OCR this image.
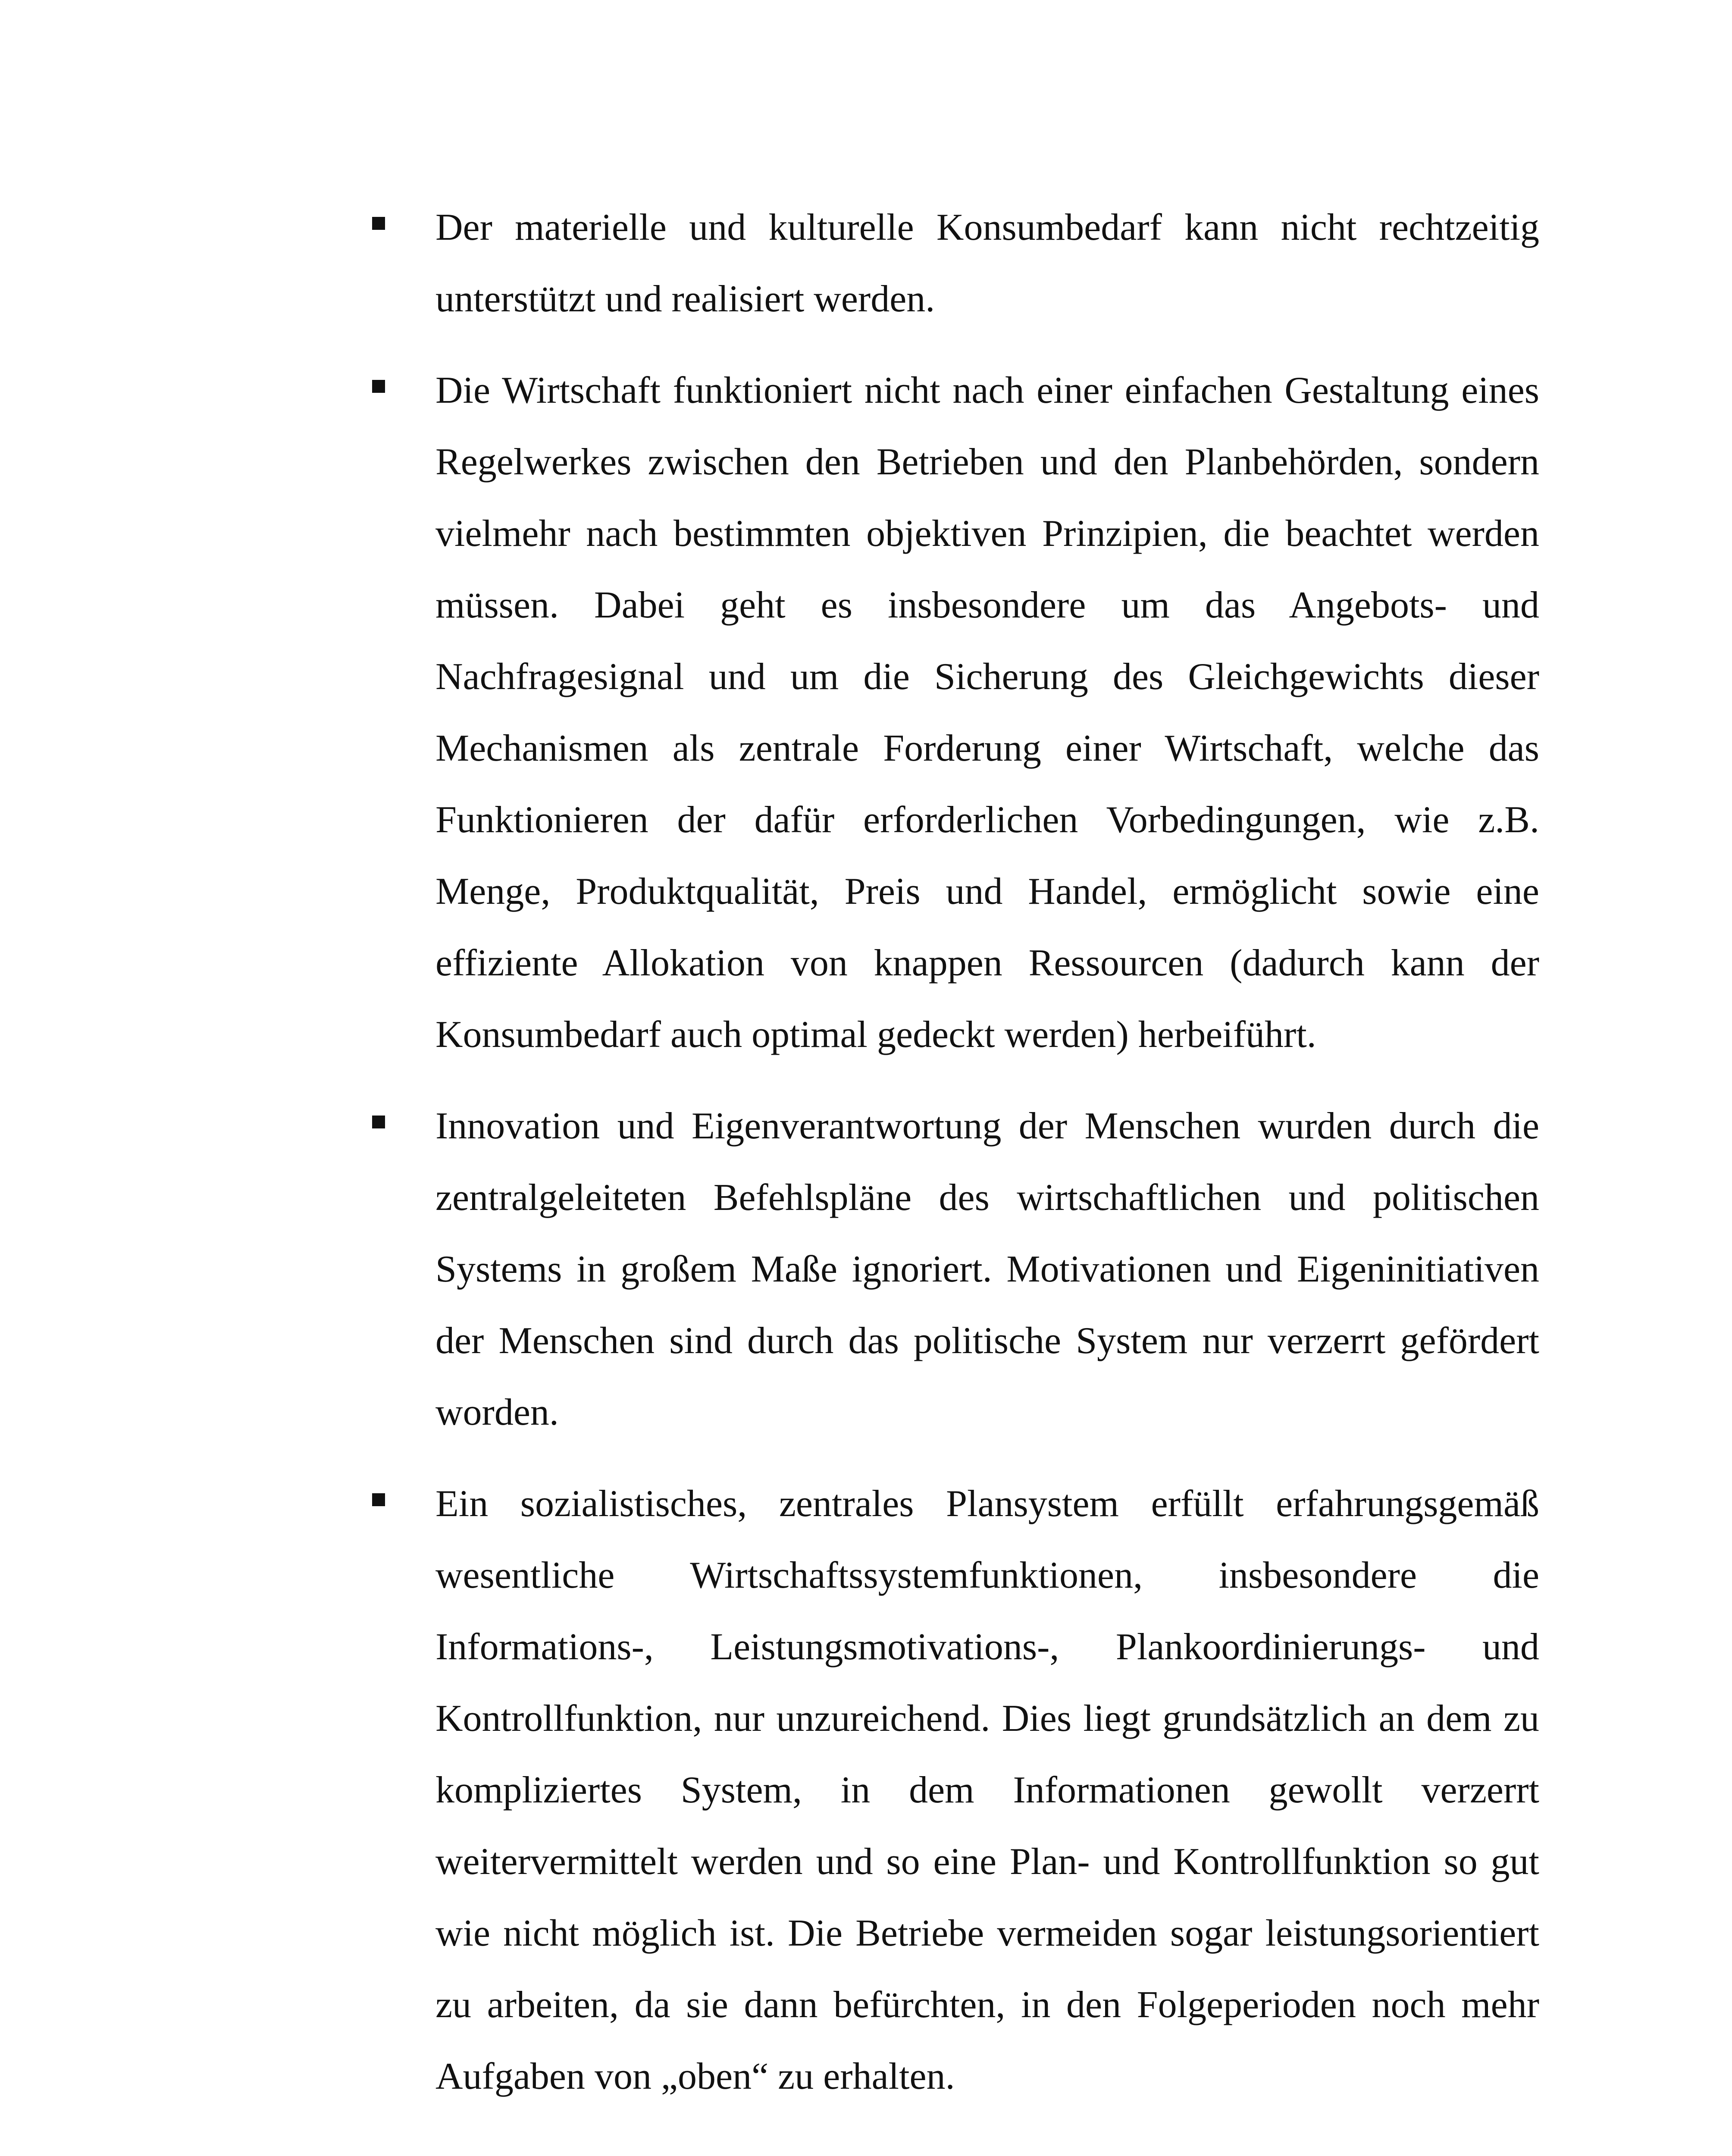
Der materielle und kulturelle Konsumbedarf kann nicht rechtzeitig unterstützt und realisiert werden.
Die Wirtschaft funktioniert nicht nach einer einfachen Gestaltung eines Regelwerkes zwischen den Betrieben und den Planbehörden, sondern vielmehr nach bestimmten objektiven Prinzipien, die beachtet werden müssen. Dabei geht es insbesondere um das Angebots- und Nachfragesignal und um die Sicherung des Gleichgewichts dieser Mechanismen als zentrale Forderung einer Wirtschaft, welche das Funktionieren der dafür erforderlichen Vorbedingungen, wie z.B. Menge, Produktqualität, Preis und Handel, ermöglicht sowie eine effiziente Allokation von knappen Ressourcen (dadurch kann der Konsumbedarf auch optimal gedeckt werden) herbeiführt.
Innovation und Eigenverantwortung der Menschen wurden durch die zentralgeleiteten Befehlspläne des wirtschaftlichen und politischen Systems in großem Maße ignoriert. Motivationen und Eigeninitiativen der Menschen sind durch das politische System nur verzerrt gefördert worden.
Ein sozialistisches, zentrales Plansystem erfüllt erfahrungsgemäß wesentliche Wirtschaftssystemfunktionen, insbesondere die Informations-, Leistungsmotivations-, Plankoordinierungs- und Kontrollfunktion, nur unzureichend. Dies liegt grundsätzlich an dem zu kompliziertes System, in dem Informationen gewollt verzerrt weitervermittelt werden und so eine Plan- und Kontrollfunktion so gut wie nicht möglich ist. Die Betriebe vermeiden sogar leistungsorientiert zu arbeiten, da sie dann befürchten, in den Folgeperioden noch mehr Aufgaben von „oben“ zu erhalten.
